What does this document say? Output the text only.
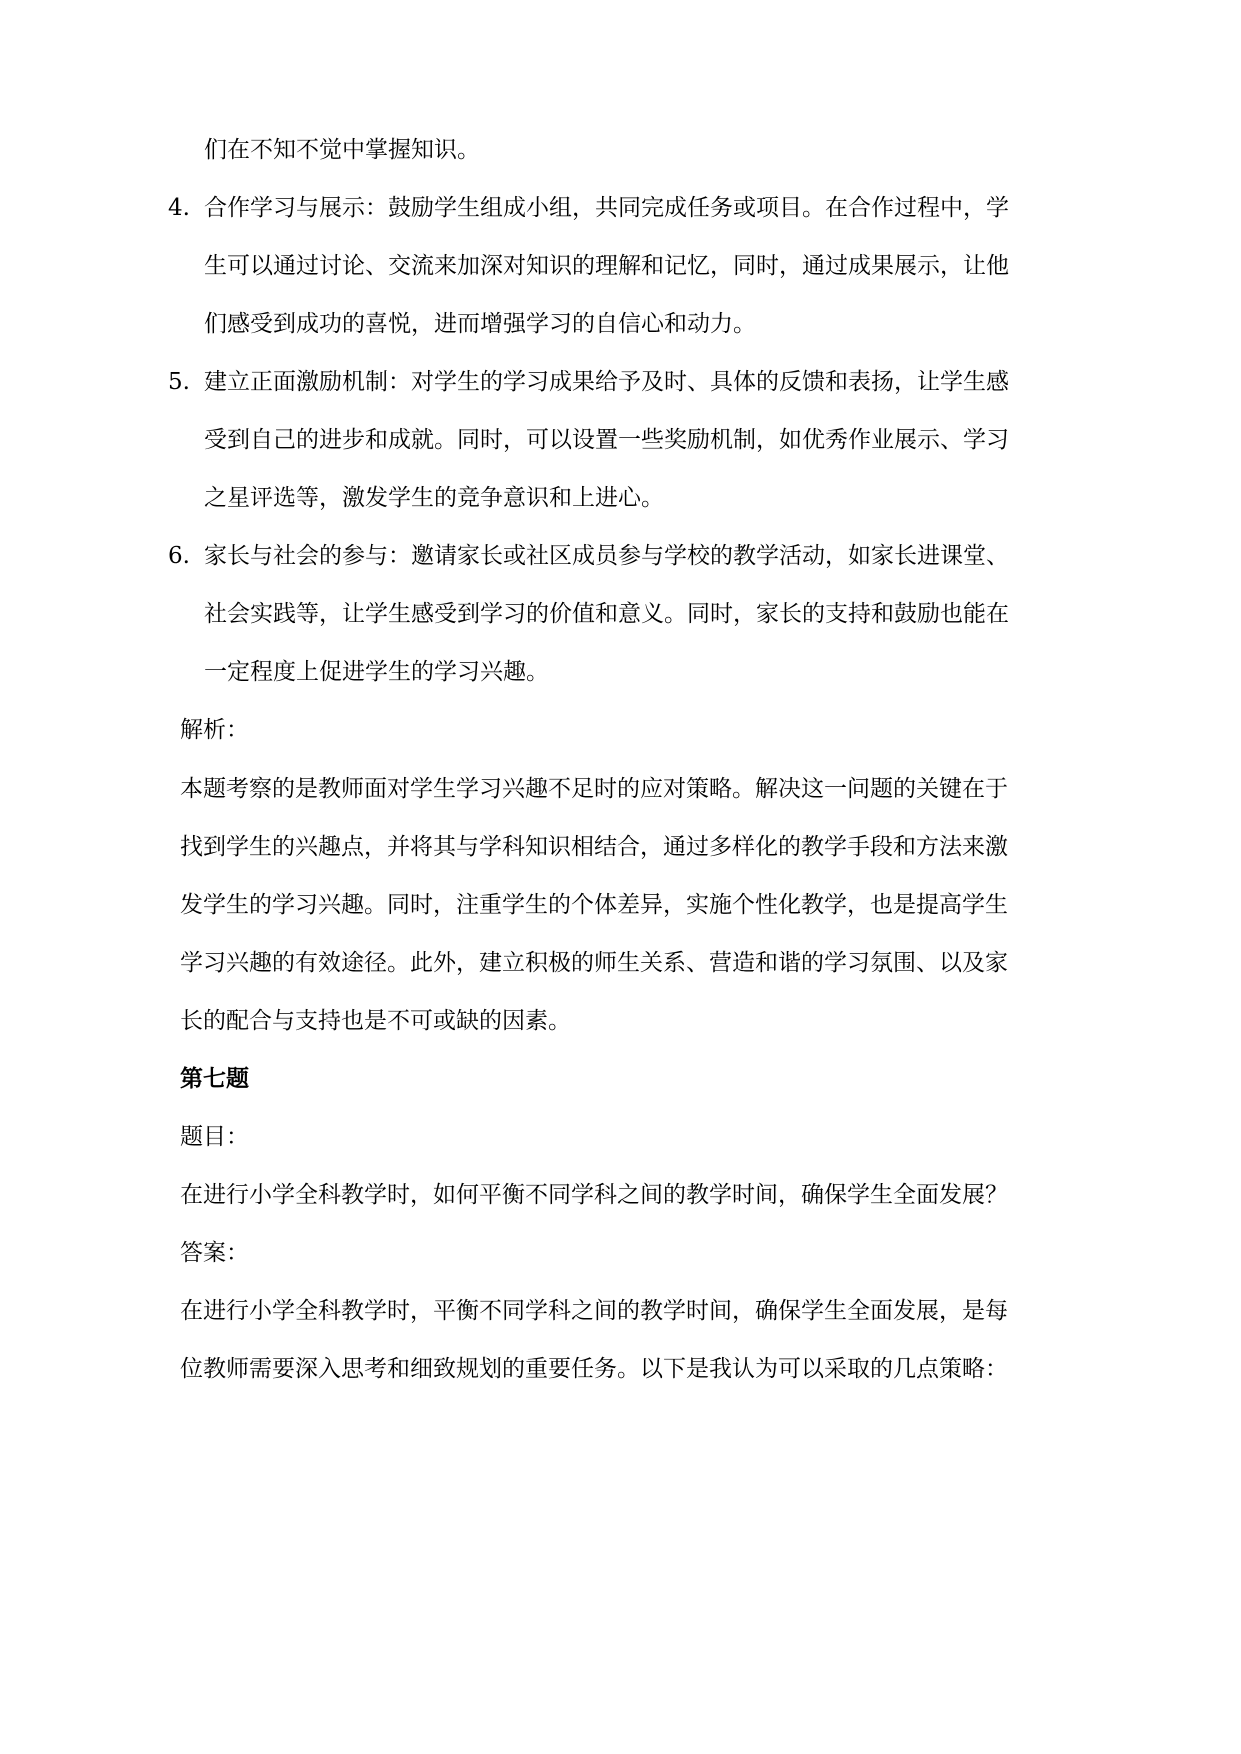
们在不知不觉中掌握知识。
4. 合作学习与展示：鼓励学生组成小组，共同完成任务或项目。在合作过程中，学
生可以通过讨论、交流来加深对知识的理解和记忆，同时，通过成果展示，让他
们感受到成功的喜悦，进而增强学习的自信心和动力。
5. 建立正面激励机制：对学生的学习成果给予及时、具体的反馈和表扬，让学生感
受到自己的进步和成就。同时，可以设置一些奖励机制，如优秀作业展示、学习
之星评选等，激发学生的竞争意识和上进心。
6. 家长与社会的参与：邀请家长或社区成员参与学校的教学活动，如家长进课堂、
社会实践等，让学生感受到学习的价值和意义。同时，家长的支持和鼓励也能在
一定程度上促进学生的学习兴趣。
解析：
本题考察的是教师面对学生学习兴趣不足时的应对策略。解决这一问题的关键在于
找到学生的兴趣点，并将其与学科知识相结合，通过多样化的教学手段和方法来激
发学生的学习兴趣。同时，注重学生的个体差异，实施个性化教学，也是提高学生
学习兴趣的有效途径。此外，建立积极的师生关系、营造和谐的学习氛围、以及家
长的配合与支持也是不可或缺的因素。
第七题
题目：
在进行小学全科教学时，如何平衡不同学科之间的教学时间，确保学生全面发展？
答案：
在进行小学全科教学时，平衡不同学科之间的教学时间，确保学生全面发展，是每
位教师需要深入思考和细致规划的重要任务。以下是我认为可以采取的几点策略：
